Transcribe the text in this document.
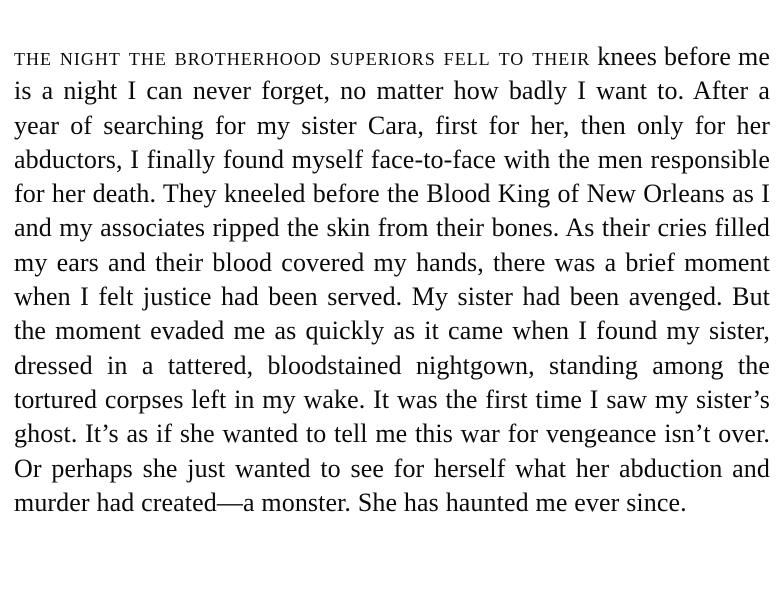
the night the brotherhood superiors fell to their knees before me is a night I can never forget, no matter how badly I want to. After a year of searching for my sister Cara, first for her, then only for her abductors, I finally found myself face-to-face with the men responsible for her death. They kneeled before the Blood King of New Orleans as I and my associates ripped the skin from their bones. As their cries filled my ears and their blood covered my hands, there was a brief moment when I felt justice had been served. My sister had been avenged. But the moment evaded me as quickly as it came when I found my sister, dressed in a tattered, bloodstained nightgown, standing among the tortured corpses left in my wake. It was the first time I saw my sister’s ghost. It’s as if she wanted to tell me this war for vengeance isn’t over. Or perhaps she just wanted to see for herself what her abduction and murder had created—a monster. She has haunted me ever since.
